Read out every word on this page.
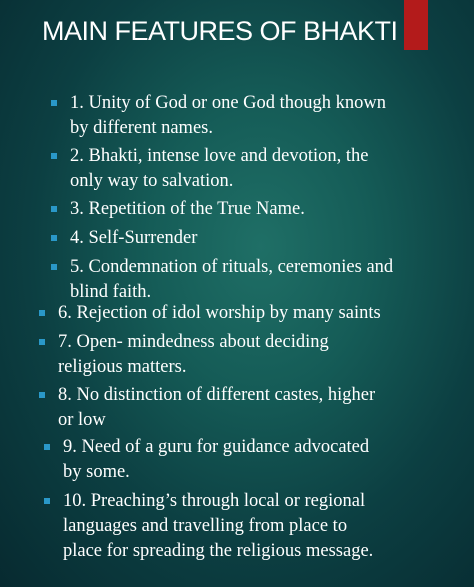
MAIN FEATURES OF BHAKTI
1. Unity of God or one God though known
by different names.
2. Bhakti, intense love and devotion, the
only way to salvation.
3. Repetition of the True Name.
4. Self-Surrender
5. Condemnation of rituals, ceremonies and
blind faith.
6. Rejection of idol worship by many saints
7. Open- mindedness about deciding
religious matters.
8. No distinction of different castes, higher
or low
9. Need of a guru for guidance advocated
by some.
10. Preaching’s through local or regional
languages and travelling from place to
place for spreading the religious message.
